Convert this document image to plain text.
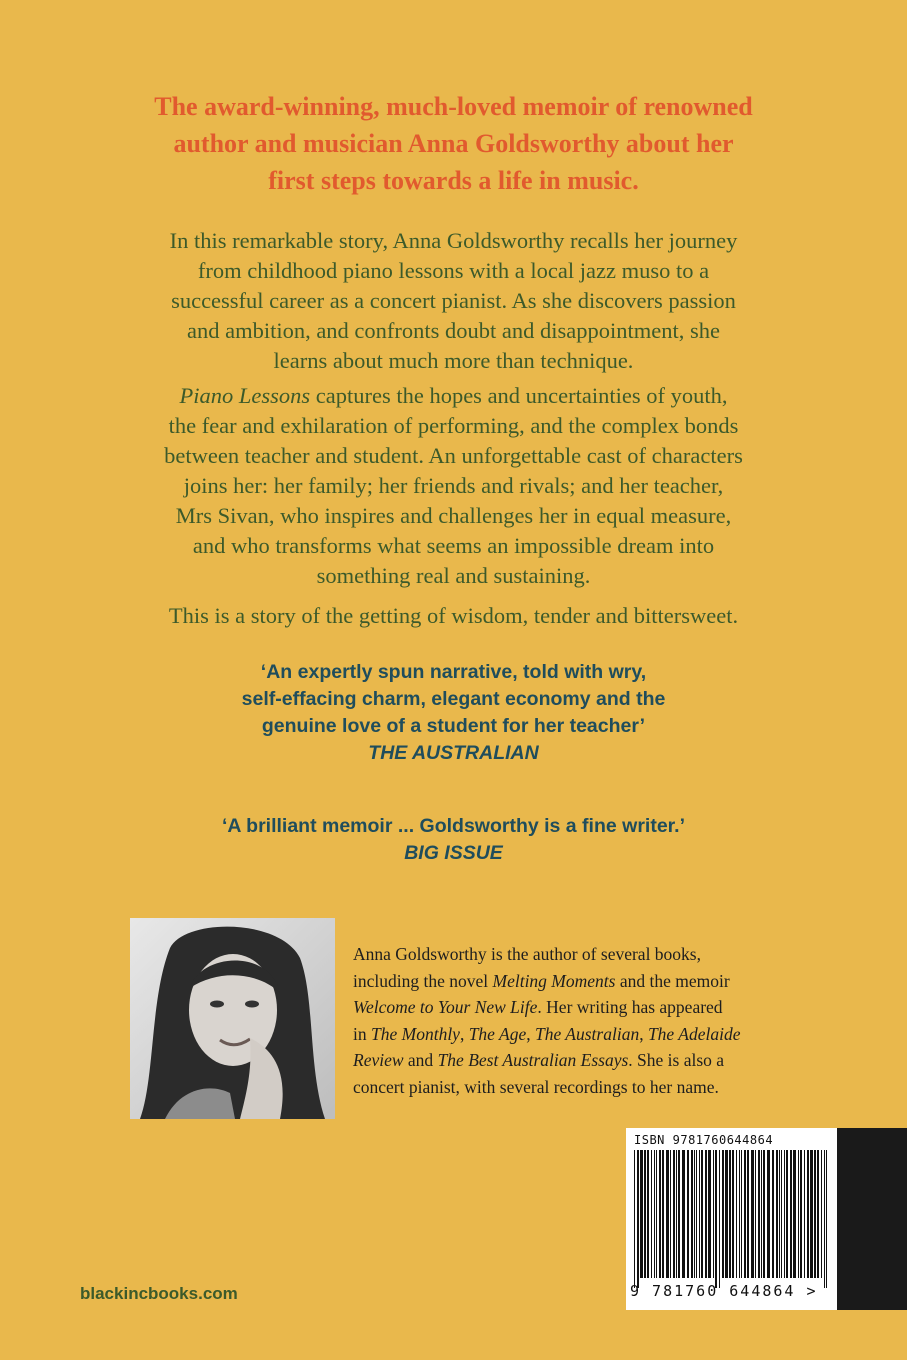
The award-winning, much-loved memoir of renowned
author and musician Anna Goldsworthy about her
first steps towards a life in music.

In this remarkable story, Anna Goldsworthy recalls her journey
from childhood piano lessons with a local jazz muso to a
successful career as a concert pianist. As she discovers passion
and ambition, and confronts doubt and disappointment, she
learns about much more than technique.

Piano Lessons captures the hopes and uncertainties of youth,
the fear and exhilaration of performing, and the complex bonds
between teacher and student. An unforgettable cast of characters
joins her: her family; her friends and rivals; and her teacher,
Mrs Sivan, who inspires and challenges her in equal measure,
and who transforms what seems an impossible dream into
something real and sustaining.

This is a story of the getting of wisdom, tender and bittersweet.

‘An expertly spun narrative, told with wry,
self-effacing charm, elegant economy and the
genuine love of a student for her teacher’
THE AUSTRALIAN

‘A brilliant memoir ... Goldsworthy is a fine writer.’
BIG ISSUE

Anna Goldsworthy is the author of several books,
including the novel Melting Moments and the memoir
Welcome to Your New Life. Her writing has appeared
in The Monthly, The Age, The Australian, The Adelaide
Review and The Best Australian Essays. She is also a
concert pianist, with several recordings to her name.

blackincbooks.com

ISBN 9781760644864

9 781760 644864 >
